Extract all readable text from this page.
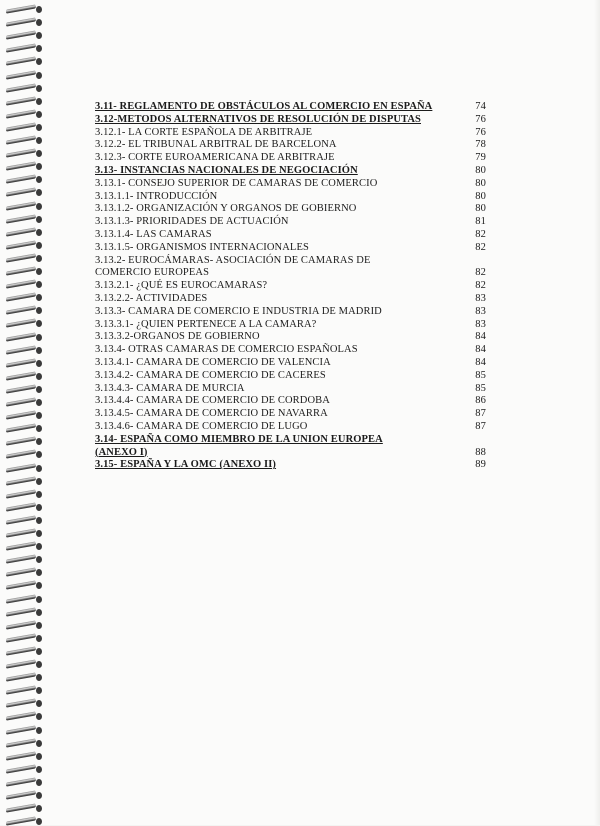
3.11- REGLAMENTO DE OBSTÁCULOS AL COMERCIO EN ESPAÑA	74
3.12-METODOS ALTERNATIVOS DE RESOLUCIÓN DE DISPUTAS	76
3.12.1- LA CORTE ESPAÑOLA DE ARBITRAJE	76
3.12.2- EL TRIBUNAL ARBITRAL DE BARCELONA	78
3.12.3- CORTE EUROAMERICANA DE ARBITRAJE	79
3.13- INSTANCIAS NACIONALES DE NEGOCIACIÓN	80
3.13.1- CONSEJO SUPERIOR DE CAMARAS DE COMERCIO	80
3.13.1.1- INTRODUCCIÓN	80
3.13.1.2- ORGANIZACIÓN Y ORGANOS DE GOBIERNO	80
3.13.1.3- PRIORIDADES DE ACTUACIÓN	81
3.13.1.4- LAS CAMARAS	82
3.13.1.5- ORGANISMOS INTERNACIONALES	82
3.13.2- EUROCÁMARAS- ASOCIACIÓN DE CAMARAS DE COMERCIO EUROPEAS	82
3.13.2.1- ¿QUÉ ES EUROCAMARAS?	82
3.13.2.2- ACTIVIDADES	83
3.13.3- CAMARA DE COMERCIO E INDUSTRIA DE MADRID	83
3.13.3.1- ¿QUIEN PERTENECE A LA CAMARA?	83
3.13.3.2-ORGANOS DE GOBIERNO	84
3.13.4- OTRAS CAMARAS DE COMERCIO ESPAÑOLAS	84
3.13.4.1- CAMARA DE COMERCIO DE VALENCIA	84
3.13.4.2- CAMARA DE COMERCIO DE CACERES	85
3.13.4.3- CAMARA DE MURCIA	85
3.13.4.4- CAMARA DE COMERCIO DE CORDOBA	86
3.13.4.5- CAMARA DE COMERCIO DE NAVARRA	87
3.13.4.6- CAMARA DE COMERCIO DE LUGO	87
3.14- ESPAÑA COMO MIEMBRO DE LA UNION EUROPEA (ANEXO I)	88
3.15- ESPAÑA Y LA OMC (ANEXO II)	89
